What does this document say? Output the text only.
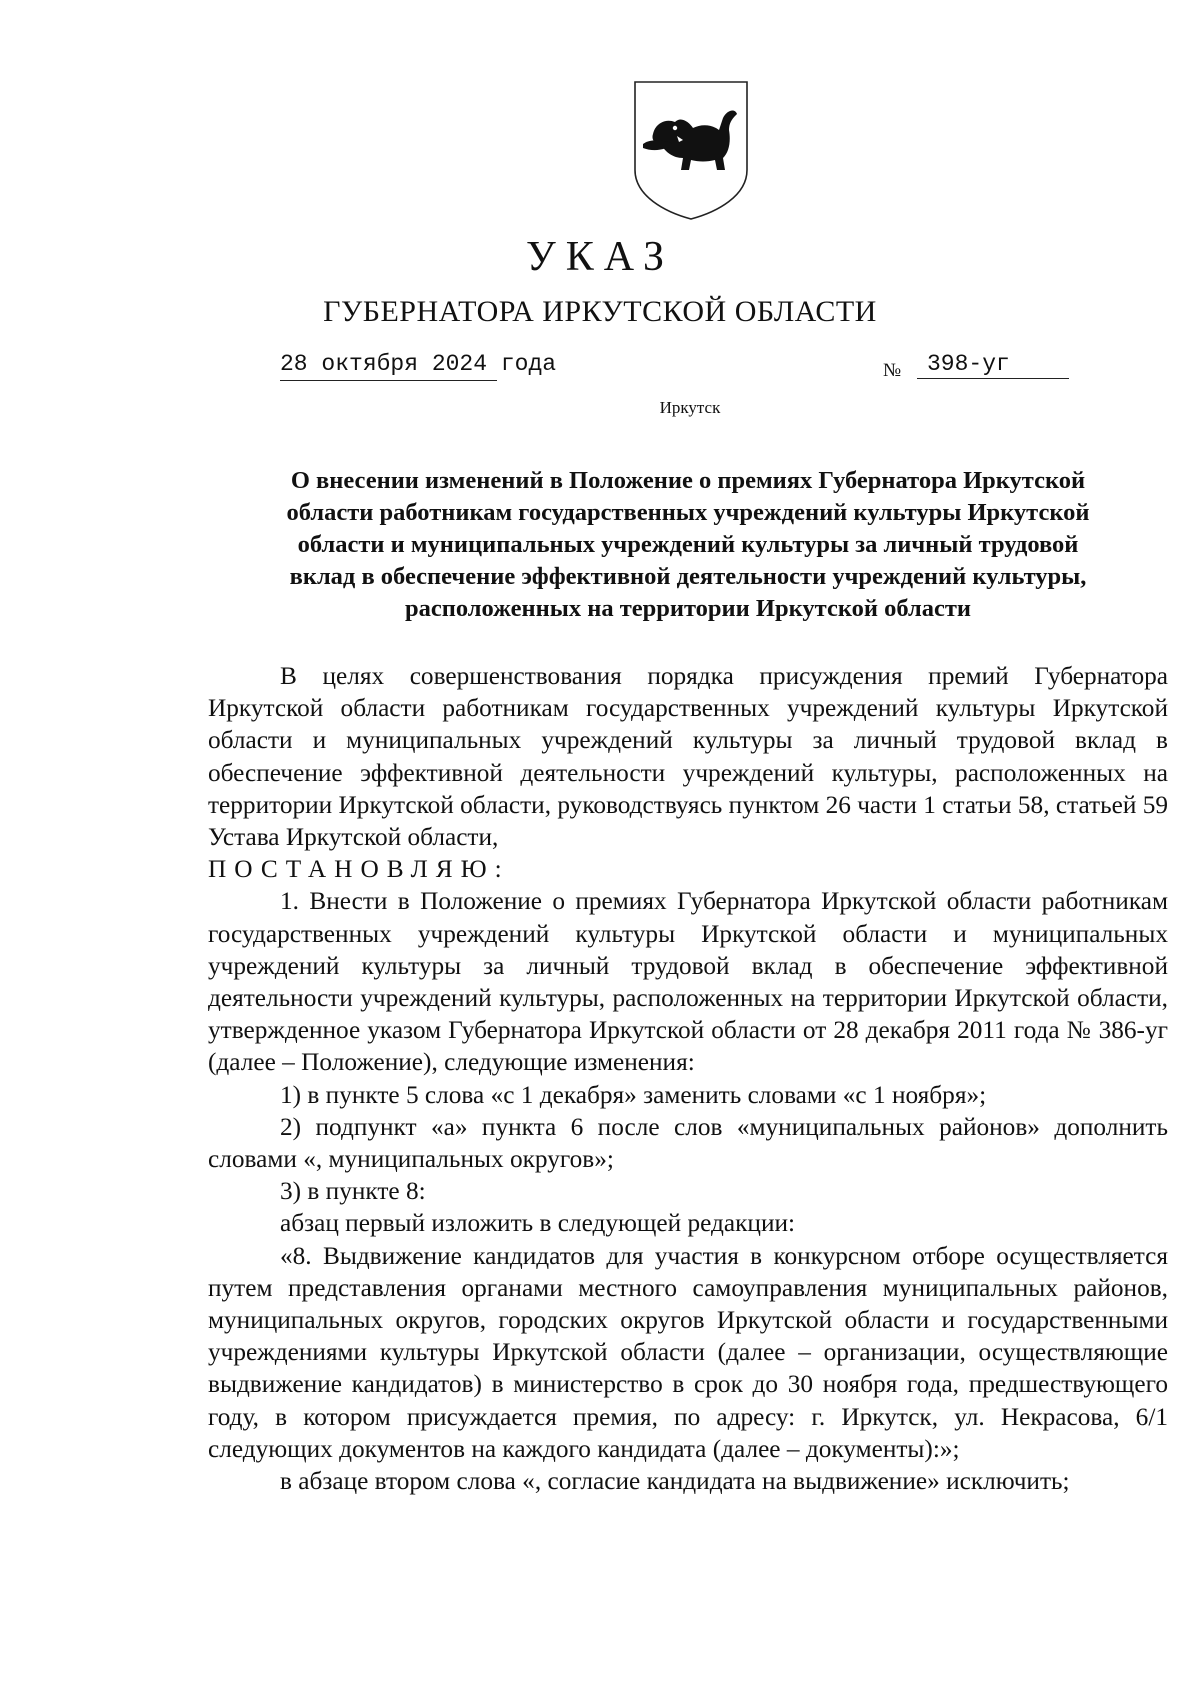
УКАЗ
ГУБЕРНАТОРА ИРКУТСКОЙ ОБЛАСТИ
28 октября 2024 года	№	398-уг
Иркутск
О внесении изменений в Положение о премиях Губернатора Иркутской
области работникам государственных учреждений культуры Иркутской
области и муниципальных учреждений культуры за личный трудовой
вклад в обеспечение эффективной деятельности учреждений культуры,
расположенных на территории Иркутской области

В целях совершенствования порядка присуждения премий Губернатора Иркутской области работникам государственных учреждений культуры Иркутской области и муниципальных учреждений культуры за личный трудовой вклад в обеспечение эффективной деятельности учреждений культуры, расположенных на территории Иркутской области, руководствуясь пунктом 26 части 1 статьи 58, статьей 59 Устава Иркутской области,

ПОСТАНОВЛЯЮ:

1. Внести в Положение о премиях Губернатора Иркутской области работникам государственных учреждений культуры Иркутской области и муниципальных учреждений культуры за личный трудовой вклад в обеспечение эффективной деятельности учреждений культуры, расположенных на территории Иркутской области, утвержденное указом Губернатора Иркутской области от 28 декабря 2011 года № 386-уг (далее – Положение), следующие изменения:

1) в пункте 5 слова «с 1 декабря» заменить словами «с 1 ноября»;

2) подпункт «а» пункта 6 после слов «муниципальных районов» дополнить словами «, муниципальных округов»;

3) в пункте 8:

абзац первый изложить в следующей редакции:

«8. Выдвижение кандидатов для участия в конкурсном отборе осуществляется путем представления органами местного самоуправления муниципальных районов, муниципальных округов, городских округов Иркутской области и государственными учреждениями культуры Иркутской области (далее – организации, осуществляющие выдвижение кандидатов) в министерство в срок до 30 ноября года, предшествующего году, в котором присуждается премия, по адресу: г. Иркутск, ул. Некрасова, 6/1 следующих документов на каждого кандидата (далее – документы):»;

в абзаце втором слова «, согласие кандидата на выдвижение» исключить;
